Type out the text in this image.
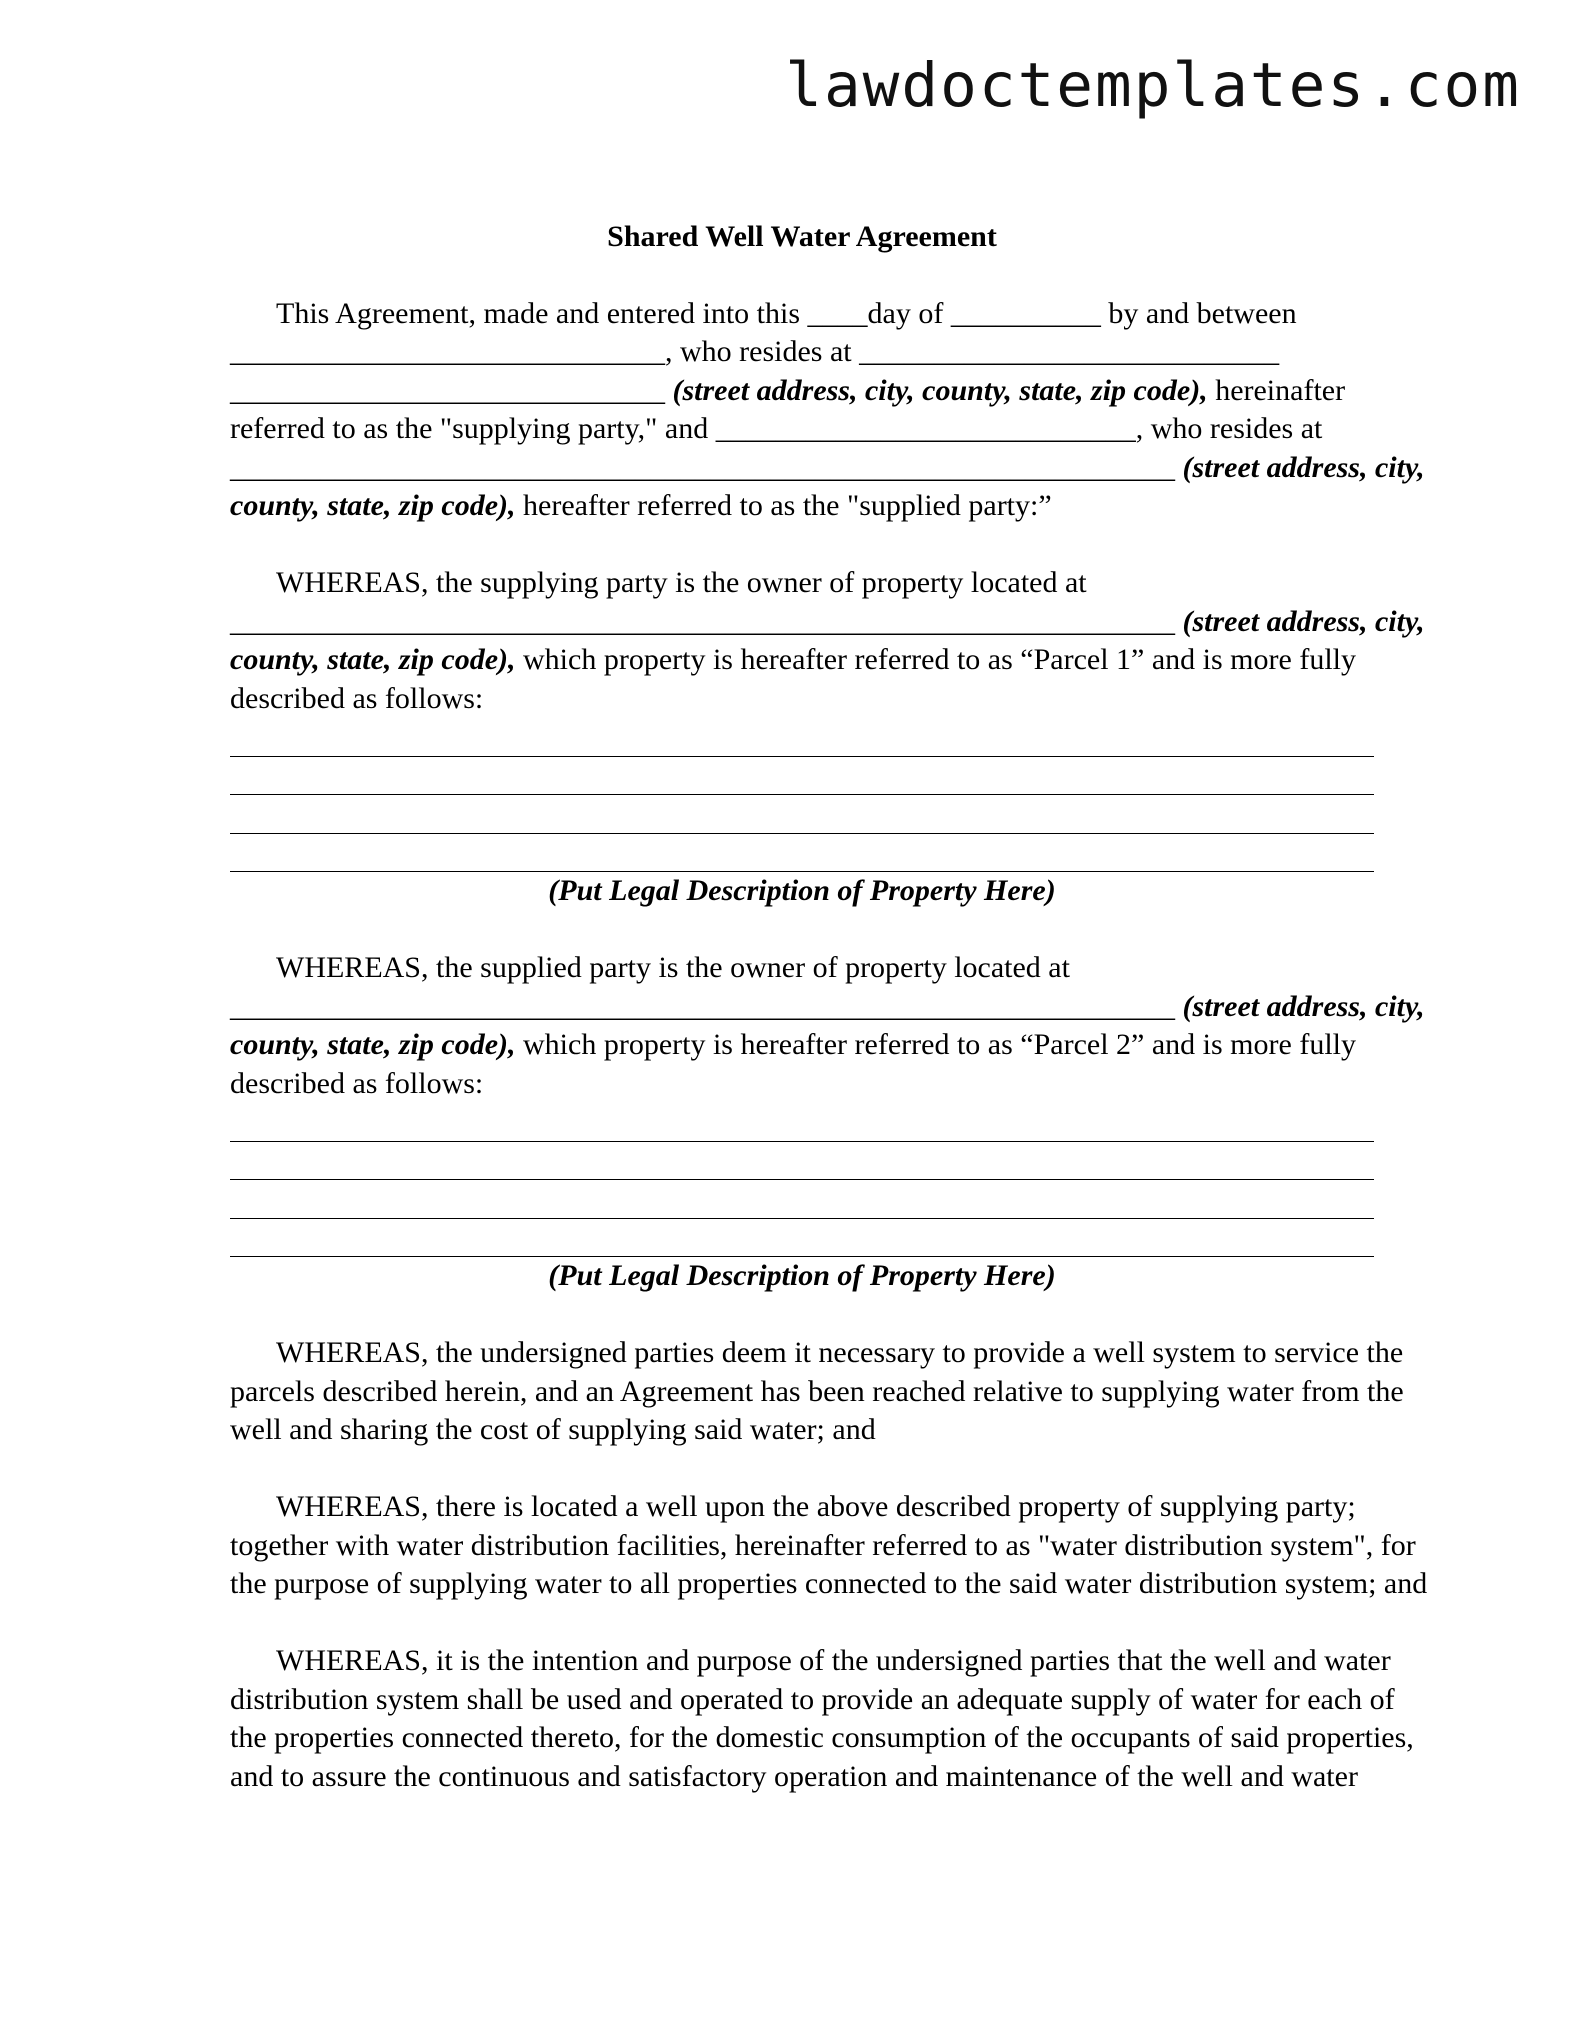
lawdoctemplates.com
Shared Well Water Agreement
This Agreement, made and entered into this ____day of __________ by and between
_____________________________, who resides at ____________________________
_____________________________ (street address, city, county, state, zip code), hereinafter
referred to as the "supplying party," and ____________________________, who resides at
_______________________________________________________________ (street address, city,
county, state, zip code), hereafter referred to as the "supplied party:”
WHEREAS, the supplying party is the owner of property located at
_______________________________________________________________ (street address, city,
county, state, zip code), which property is hereafter referred to as “Parcel 1” and is more fully
described as follows:
(Put Legal Description of Property Here)
WHEREAS, the supplied party is the owner of property located at
_______________________________________________________________ (street address, city,
county, state, zip code), which property is hereafter referred to as “Parcel 2” and is more fully
described as follows:
(Put Legal Description of Property Here)
WHEREAS, the undersigned parties deem it necessary to provide a well system to service the
parcels described herein, and an Agreement has been reached relative to supplying water from the
well and sharing the cost of supplying said water; and
WHEREAS, there is located a well upon the above described property of supplying party;
together with water distribution facilities, hereinafter referred to as "water distribution system", for
the purpose of supplying water to all properties connected to the said water distribution system; and
WHEREAS, it is the intention and purpose of the undersigned parties that the well and water
distribution system shall be used and operated to provide an adequate supply of water for each of
the properties connected thereto, for the domestic consumption of the occupants of said properties,
and to assure the continuous and satisfactory operation and maintenance of the well and water
